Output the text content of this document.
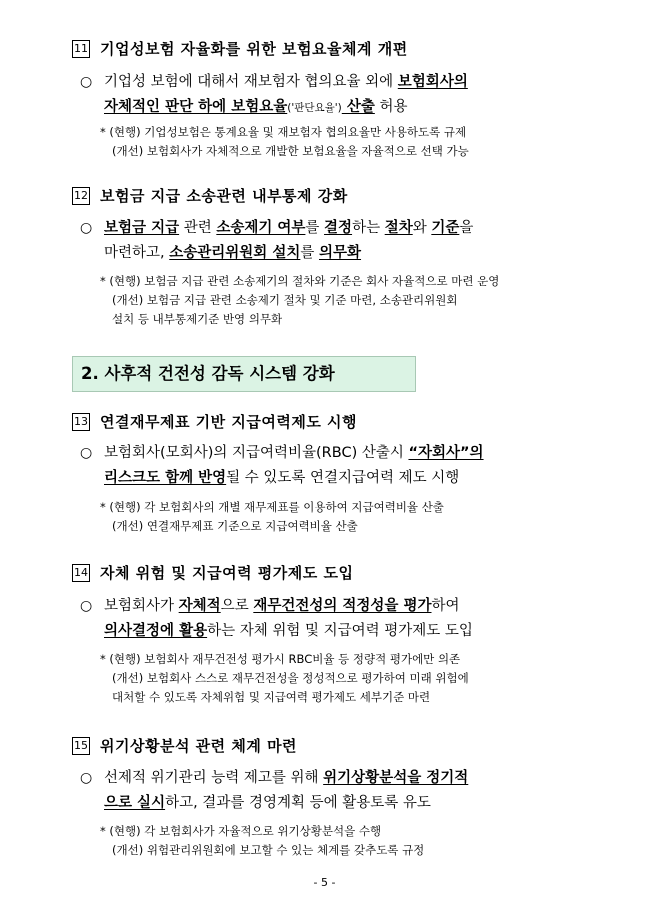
11 기업성보험 자율화를 위한 보험요율체계 개편
○ 기업성 보험에 대해서 재보험자 협의요율 외에 보험회사의
자체적인 판단 하에 보험요율('판단요율') 산출 허용
* (현행) 기업성보험은 통계요율 및 재보험자 협의요율만 사용하도록 규제
(개선) 보험회사가 자체적으로 개발한 보험요율을 자율적으로 선택 가능
12 보험금 지급 소송관련 내부통제 강화
○ 보험금 지급 관련 소송제기 여부를 결정하는 절차와 기준을
마련하고, 소송관리위원회 설치를 의무화
* (현행) 보험금 지급 관련 소송제기의 절차와 기준은 회사 자율적으로 마련 운영
(개선) 보험금 지급 관련 소송제기 절차 및 기준 마련, 소송관리위원회
설치 등 내부통제기준 반영 의무화
2. 사후적 건전성 감독 시스템 강화
13 연결재무제표 기반 지급여력제도 시행
○ 보험회사(모회사)의 지급여력비율(RBC) 산출시 “자회사”의
리스크도 함께 반영될 수 있도록 연결지급여력 제도 시행
* (현행) 각 보험회사의 개별 재무제표를 이용하여 지급여력비율 산출
(개선) 연결재무제표 기준으로 지급여력비율 산출
14 자체 위험 및 지급여력 평가제도 도입
○ 보험회사가 자체적으로 재무건전성의 적정성을 평가하여
의사결정에 활용하는 자체 위험 및 지급여력 평가제도 도입
* (현행) 보험회사 재무건전성 평가시 RBC비율 등 정량적 평가에만 의존
(개선) 보험회사 스스로 재무건전성을 정성적으로 평가하여 미래 위험에
대처할 수 있도록 자체위험 및 지급여력 평가제도 세부기준 마련
15 위기상황분석 관련 체계 마련
○ 선제적 위기관리 능력 제고를 위해 위기상황분석을 정기적
으로 실시하고, 결과를 경영계획 등에 활용토록 유도
* (현행) 각 보험회사가 자율적으로 위기상황분석을 수행
(개선) 위험관리위원회에 보고할 수 있는 체계를 갖추도록 규정
- 5 -
